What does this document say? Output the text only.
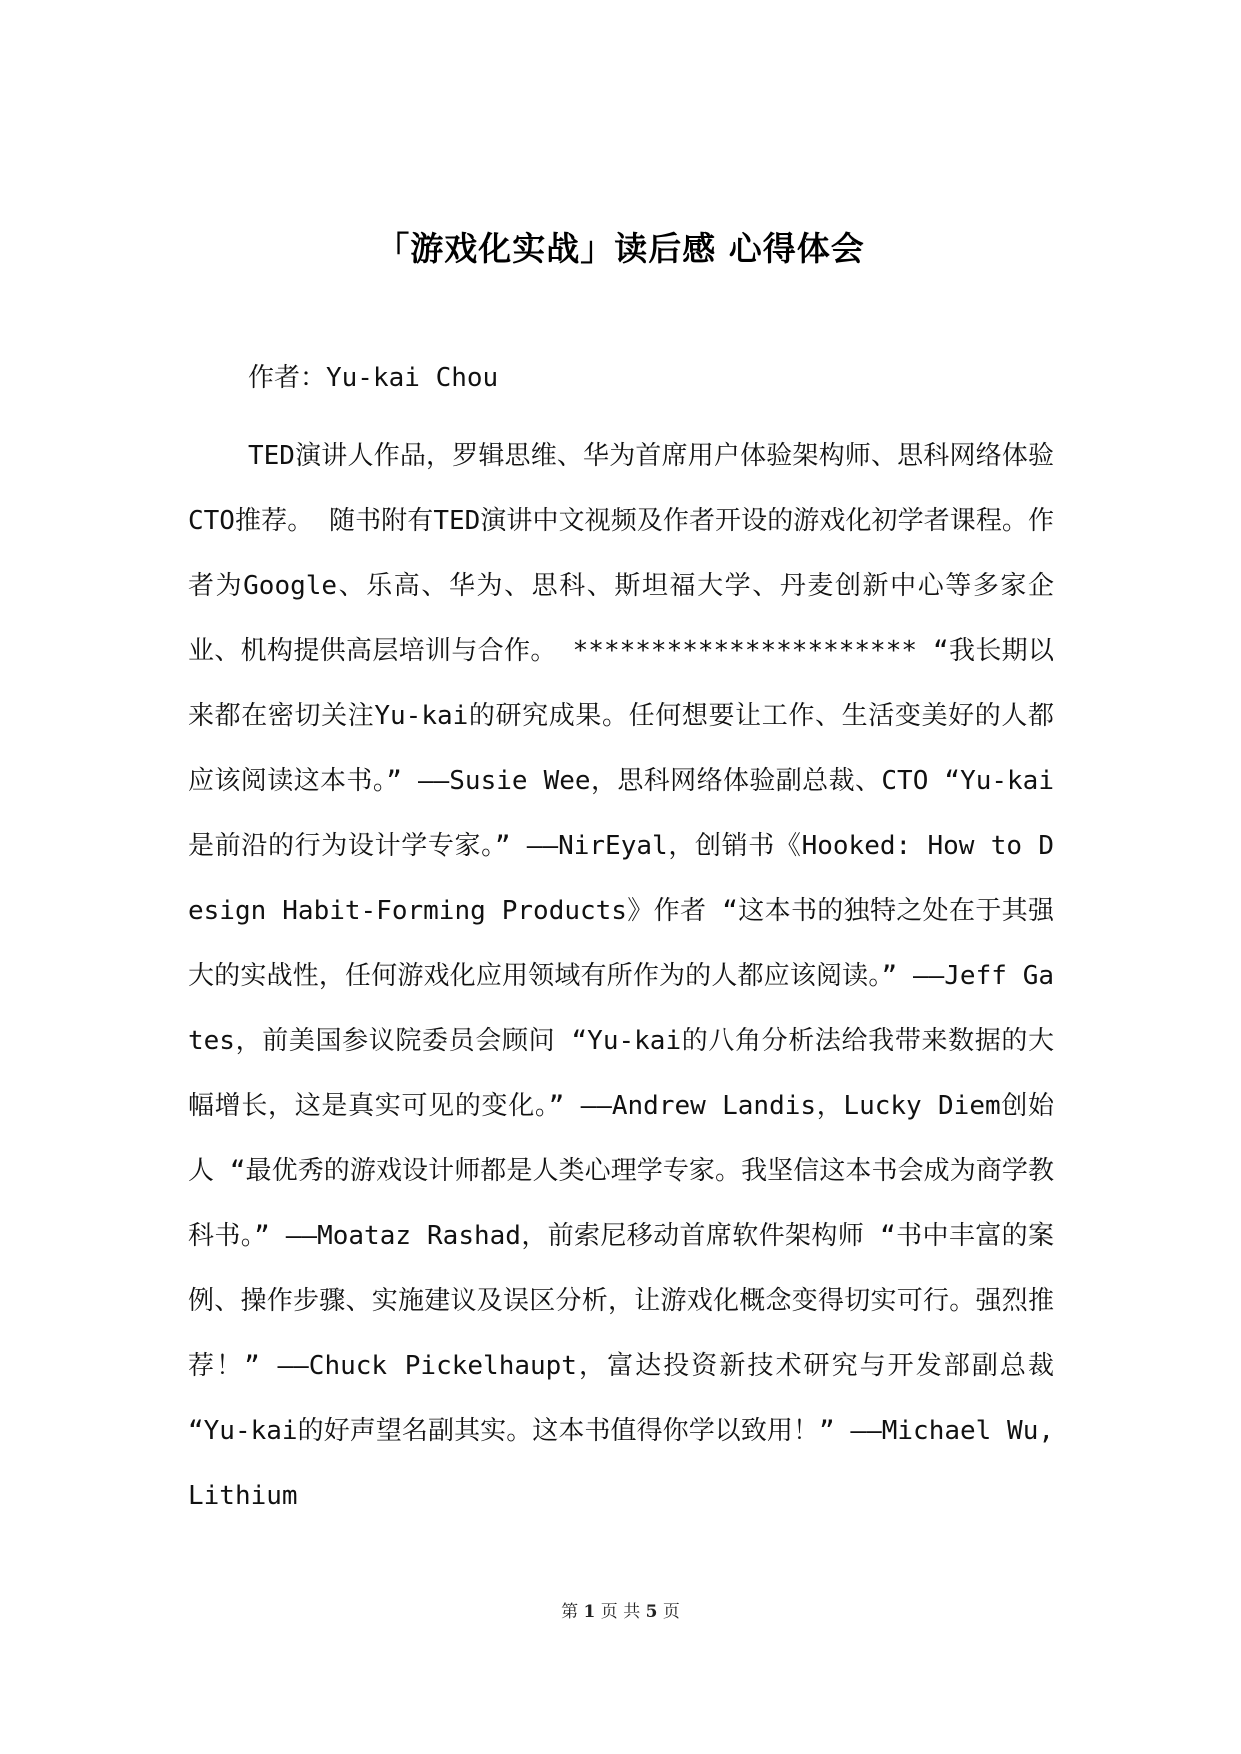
「游戏化实战」读后感 心得体会

作者：Yu-kai Chou

TED演讲人作品，罗辑思维、华为首席用户体验架构师、思科网络体验CTO推荐。 随书附有TED演讲中文视频及作者开设的游戏化初学者课程。作者为Google、乐高、华为、思科、斯坦福大学、丹麦创新中心等多家企业、机构提供高层培训与合作。 ********************** “我长期以来都在密切关注Yu-kai的研究成果。任何想要让工作、生活变美好的人都应该阅读这本书。” ——Susie Wee，思科网络体验副总裁、CTO “Yu-kai是前沿的行为设计学专家。” ——NirEyal，创销书《Hooked: How to Design Habit-Forming Products》作者 “这本书的独特之处在于其强大的实战性，任何游戏化应用领域有所作为的人都应该阅读。” ——Jeff Gates，前美国参议院委员会顾问 “Yu-kai的八角分析法给我带来数据的大幅增长，这是真实可见的变化。” ——Andrew Landis，Lucky Diem创始人 “最优秀的游戏设计师都是人类心理学专家。我坚信这本书会成为商学教科书。” ——Moataz Rashad，前索尼移动首席软件架构师 “书中丰富的案例、操作步骤、实施建议及误区分析，让游戏化概念变得切实可行。强烈推荐！” ——Chuck Pickelhaupt，富达投资新技术研究与开发部副总裁 “Yu-kai的好声望名副其实。这本书值得你学以致用！” ——Michael Wu,Lithium

第 1 页 共 5 页
